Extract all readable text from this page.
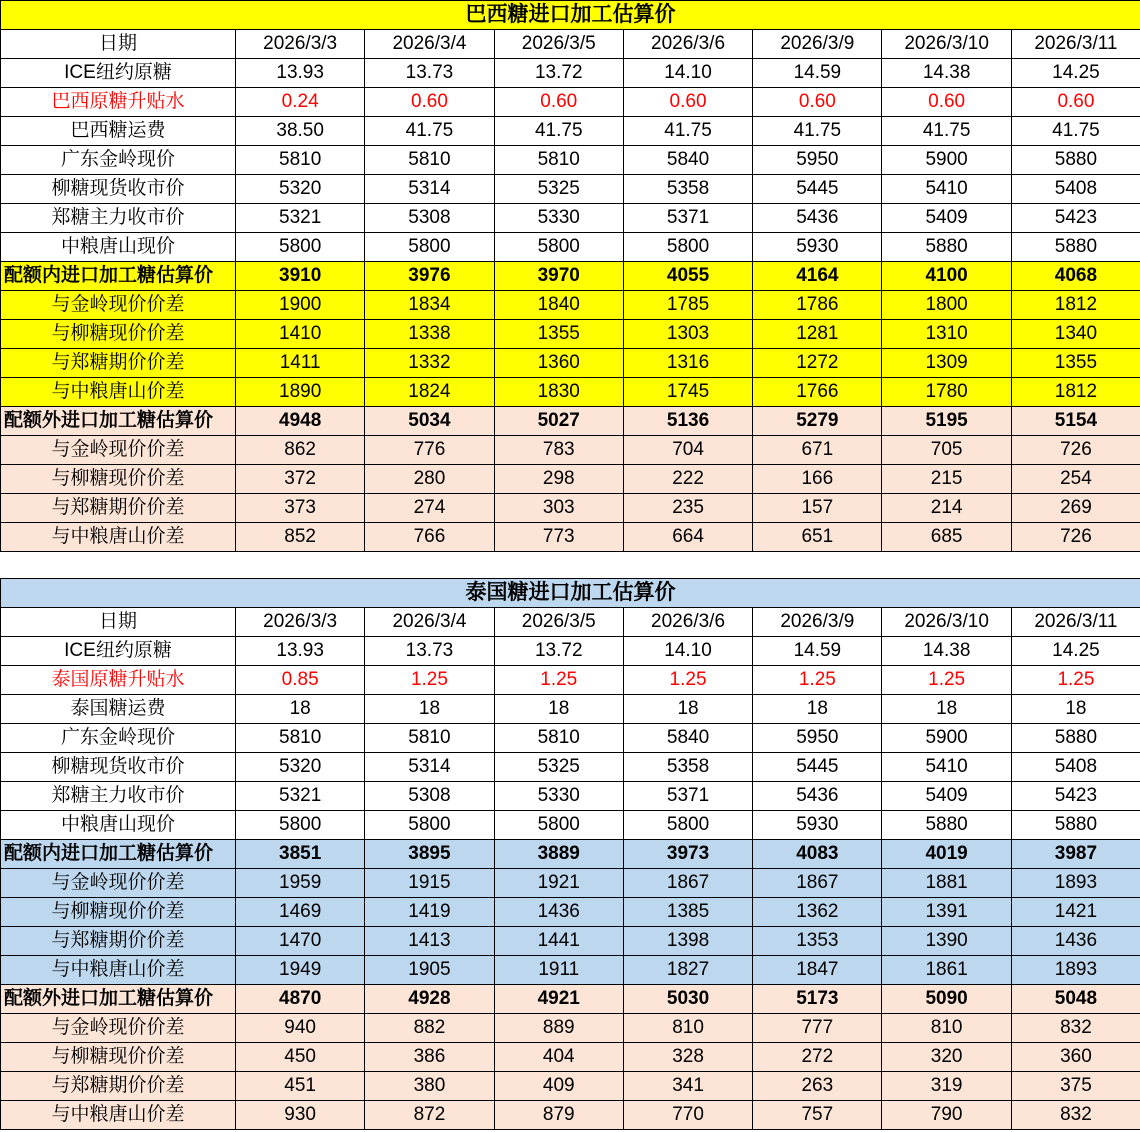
巴西糖进口加工估算价							
日期	2026/3/3	2026/3/4	2026/3/5	2026/3/6	2026/3/9	2026/3/10	2026/3/11
ICE纽约原糖	13.93	13.73	13.72	14.10	14.59	14.38	14.25
巴西原糖升贴水	0.24	0.60	0.60	0.60	0.60	0.60	0.60
巴西糖运费	38.50	41.75	41.75	41.75	41.75	41.75	41.75
广东金岭现价	5810	5810	5810	5840	5950	5900	5880
柳糖现货收市价	5320	5314	5325	5358	5445	5410	5408
郑糖主力收市价	5321	5308	5330	5371	5436	5409	5423
中粮唐山现价	5800	5800	5800	5800	5930	5880	5880
配额内进口加工糖估算价	3910	3976	3970	4055	4164	4100	4068
与金岭现价价差	1900	1834	1840	1785	1786	1800	1812
与柳糖现价价差	1410	1338	1355	1303	1281	1310	1340
与郑糖期价价差	1411	1332	1360	1316	1272	1309	1355
与中粮唐山价差	1890	1824	1830	1745	1766	1780	1812
配额外进口加工糖估算价	4948	5034	5027	5136	5279	5195	5154
与金岭现价价差	862	776	783	704	671	705	726
与柳糖现价价差	372	280	298	222	166	215	254
与郑糖期价价差	373	274	303	235	157	214	269
与中粮唐山价差	852	766	773	664	651	685	726
泰国糖进口加工估算价							
日期	2026/3/3	2026/3/4	2026/3/5	2026/3/6	2026/3/9	2026/3/10	2026/3/11
ICE纽约原糖	13.93	13.73	13.72	14.10	14.59	14.38	14.25
泰国原糖升贴水	0.85	1.25	1.25	1.25	1.25	1.25	1.25
泰国糖运费	18	18	18	18	18	18	18
广东金岭现价	5810	5810	5810	5840	5950	5900	5880
柳糖现货收市价	5320	5314	5325	5358	5445	5410	5408
郑糖主力收市价	5321	5308	5330	5371	5436	5409	5423
中粮唐山现价	5800	5800	5800	5800	5930	5880	5880
配额内进口加工糖估算价	3851	3895	3889	3973	4083	4019	3987
与金岭现价价差	1959	1915	1921	1867	1867	1881	1893
与柳糖现价价差	1469	1419	1436	1385	1362	1391	1421
与郑糖期价价差	1470	1413	1441	1398	1353	1390	1436
与中粮唐山价差	1949	1905	1911	1827	1847	1861	1893
配额外进口加工糖估算价	4870	4928	4921	5030	5173	5090	5048
与金岭现价价差	940	882	889	810	777	810	832
与柳糖现价价差	450	386	404	328	272	320	360
与郑糖期价价差	451	380	409	341	263	319	375
与中粮唐山价差	930	872	879	770	757	790	832
